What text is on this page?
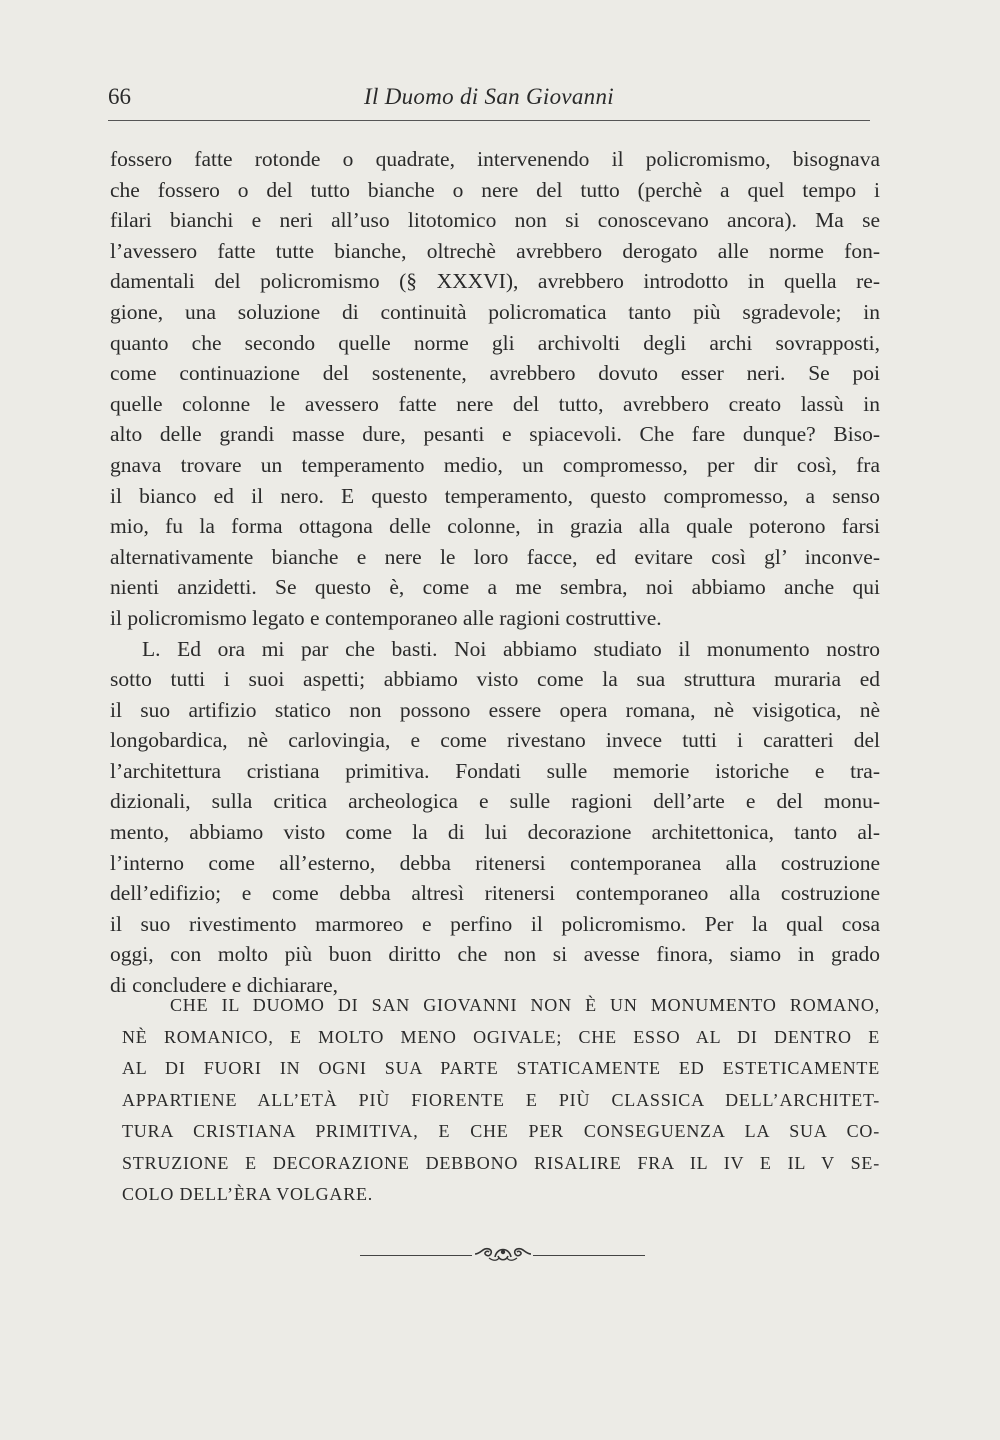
66	Il Duomo di San Giovanni
fossero fatte rotonde o quadrate, intervenendo il policromismo, bisognava
che fossero o del tutto bianche o nere del tutto (perchè a quel tempo i
filari bianchi e neri all’uso litotomico non si conoscevano ancora). Ma se
l’avessero fatte tutte bianche, oltrechè avrebbero derogato alle norme fon-
damentali del policromismo (§ XXXVI), avrebbero introdotto in quella re-
gione, una soluzione di continuità policromatica tanto più sgradevole; in
quanto che secondo quelle norme gli archivolti degli archi sovrapposti,
come continuazione del sostenente, avrebbero dovuto esser neri. Se poi
quelle colonne le avessero fatte nere del tutto, avrebbero creato lassù in
alto delle grandi masse dure, pesanti e spiacevoli. Che fare dunque? Biso-
gnava trovare un temperamento medio, un compromesso, per dir così, fra
il bianco ed il nero. E questo temperamento, questo compromesso, a senso
mio, fu la forma ottagona delle colonne, in grazia alla quale poterono farsi
alternativamente bianche e nere le loro facce, ed evitare così gl’ inconve-
nienti anzidetti. Se questo è, come a me sembra, noi abbiamo anche qui
il policromismo legato e contemporaneo alle ragioni costruttive.
L. Ed ora mi par che basti. Noi abbiamo studiato il monumento nostro
sotto tutti i suoi aspetti; abbiamo visto come la sua struttura muraria ed
il suo artifizio statico non possono essere opera romana, nè visigotica, nè
longobardica, nè carlovingia, e come rivestano invece tutti i caratteri del
l’architettura cristiana primitiva. Fondati sulle memorie istoriche e tra-
dizionali, sulla critica archeologica e sulle ragioni dell’arte e del monu-
mento, abbiamo visto come la di lui decorazione architettonica, tanto al-
l’interno come all’esterno, debba ritenersi contemporanea alla costruzione
dell’edifizio; e come debba altresì ritenersi contemporaneo alla costruzione
il suo rivestimento marmoreo e perfino il policromismo. Per la qual cosa
oggi, con molto più buon diritto che non si avesse finora, siamo in grado
di concludere e dichiarare,
CHE IL DUOMO DI SAN GIOVANNI NON È UN MONUMENTO ROMANO,
NÈ ROMANICO, E MOLTO MENO OGIVALE; CHE ESSO AL DI DENTRO E
AL DI FUORI IN OGNI SUA PARTE STATICAMENTE ED ESTETICAMENTE
APPARTIENE ALL’ETÀ PIÙ FIORENTE E PIÙ CLASSICA DELL’ARCHITET-
TURA CRISTIANA PRIMITIVA, E CHE PER CONSEGUENZA LA SUA CO-
STRUZIONE E DECORAZIONE DEBBONO RISALIRE FRA IL IV E IL V SE-
COLO DELL’ÈRA VOLGARE.
